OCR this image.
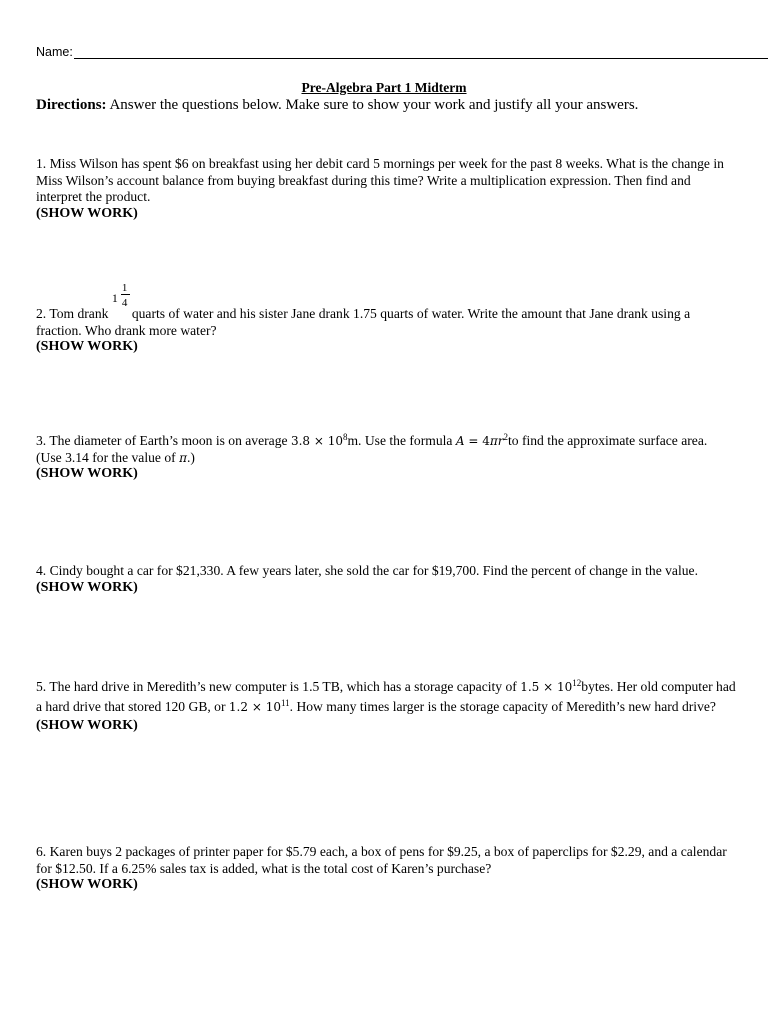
Name:
Pre-Algebra Part 1 Midterm
Directions: Answer the questions below. Make sure to show your work and justify all your answers.
1. Miss Wilson has spent $6 on breakfast using her debit card 5 mornings per week for the past 8 weeks. What is the change in Miss Wilson’s account balance from buying breakfast during this time? Write a multiplication expression. Then find and interpret the product.
(SHOW WORK)
2. Tom drank
1
1
4
quarts of water and his sister Jane drank 1.75 quarts of water. Write the amount that Jane drank using a fraction. Who drank more water?
(SHOW WORK)
3. The diameter of Earth’s moon is on average $3.8 \times 10^8m$. Use the formula $A = 4\pi r^2to$ find the approximate surface area. (Use 3.14 for the value of π.)
(SHOW WORK)
4. Cindy bought a car for $21,330. A few years later, she sold the car for $19,700. Find the percent of change in the value.
(SHOW WORK)
5. The hard drive in Meredith’s new computer is 1.5 TB, which has a storage capacity of $1.5 \times 10^{12}bytes$. Her old computer had a hard drive that stored 120 GB, or $1.2 \times 10^{11}$. How many times larger is the storage capacity of Meredith’s new hard drive?
(SHOW WORK)
6. Karen buys 2 packages of printer paper for $5.79 each, a box of pens for $9.25, a box of paperclips for $2.29, and a calendar for $12.50. If a 6.25% sales tax is added, what is the total cost of Karen’s purchase?
(SHOW WORK)
